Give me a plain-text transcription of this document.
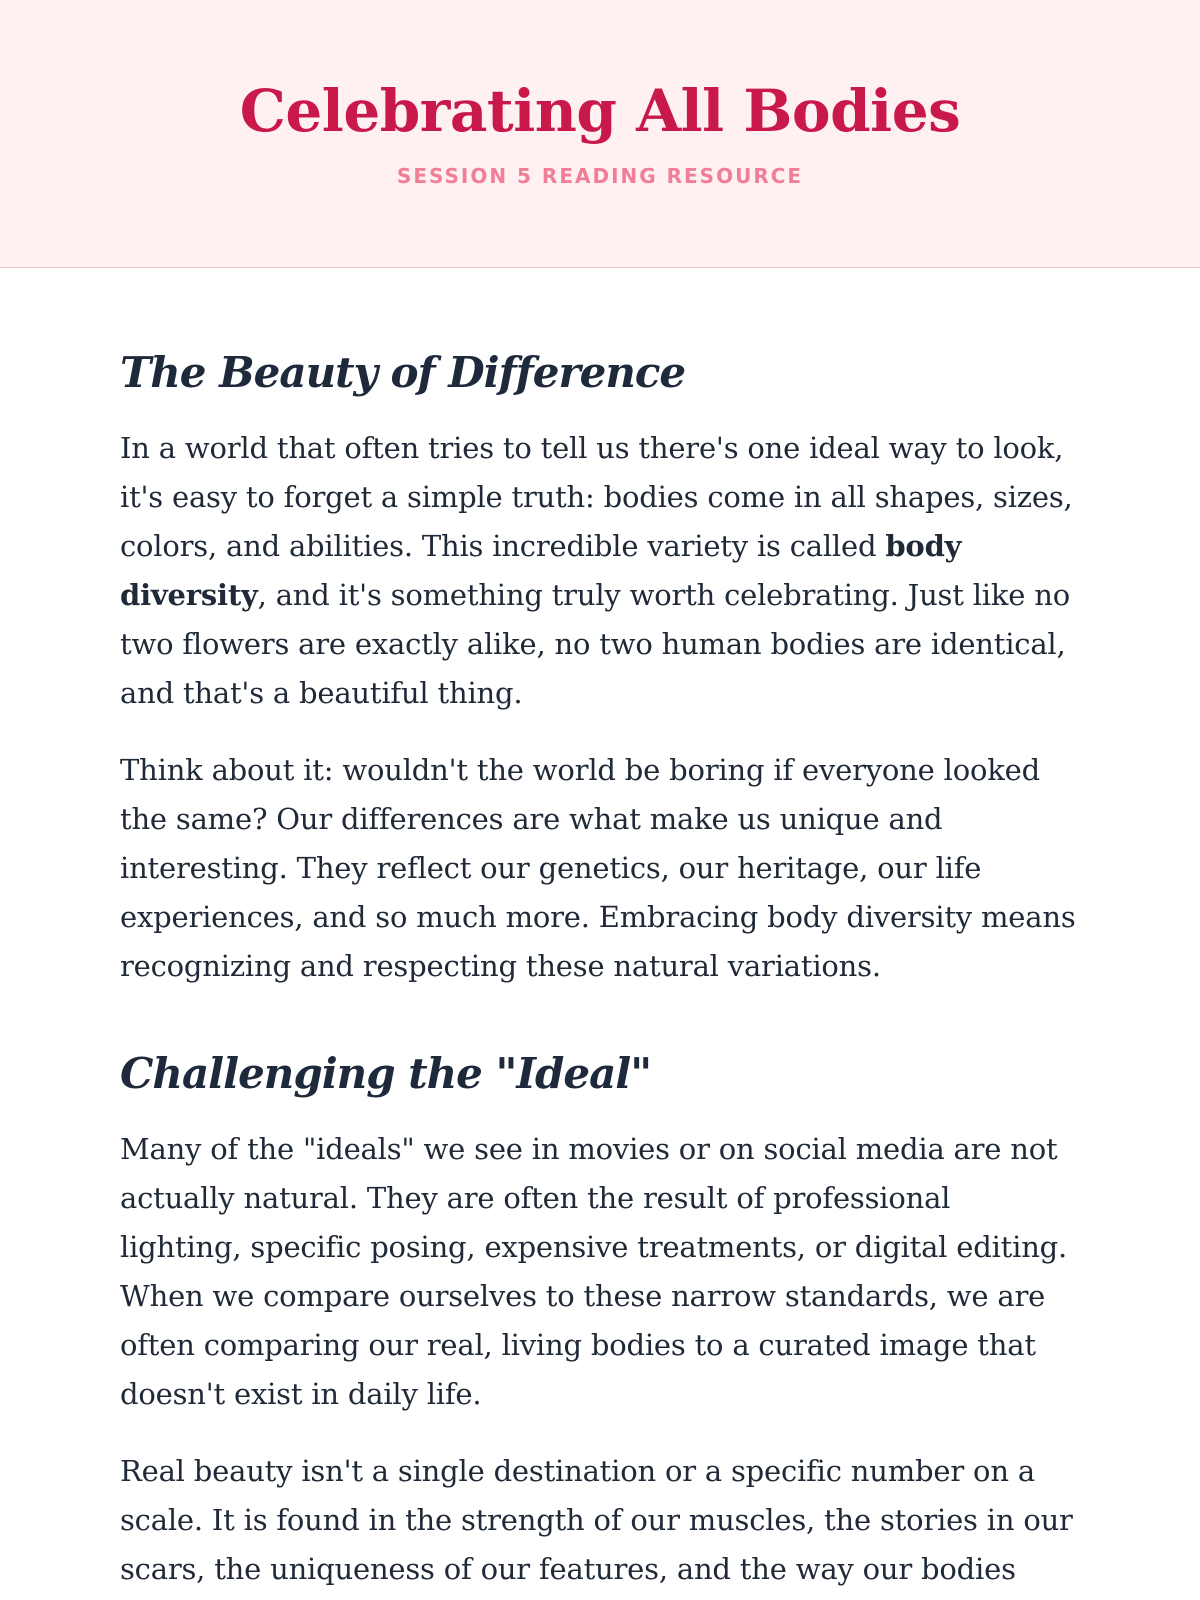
Celebrating All Bodies
SESSION 5 READING RESOURCE
The Beauty of Difference

In a world that often tries to tell us there's one ideal way to look, it's easy to forget a simple truth: bodies come in all shapes, sizes, colors, and abilities. This incredible variety is called body diversity, and it's something truly worth celebrating. Just like no two flowers are exactly alike, no two human bodies are identical, and that's a beautiful thing.

Think about it: wouldn't the world be boring if everyone looked the same? Our differences are what make us unique and interesting. They reflect our genetics, our heritage, our life experiences, and so much more. Embracing body diversity means recognizing and respecting these natural variations.

Challenging the "Ideal"

Many of the "ideals" we see in movies or on social media are not actually natural. They are often the result of professional lighting, specific posing, expensive treatments, or digital editing. When we compare ourselves to these narrow standards, we are often comparing our real, living bodies to a curated image that doesn't exist in daily life.

Real beauty isn't a single destination or a specific number on a scale. It is found in the strength of our muscles, the stories in our scars, the uniqueness of our features, and the way our bodies
